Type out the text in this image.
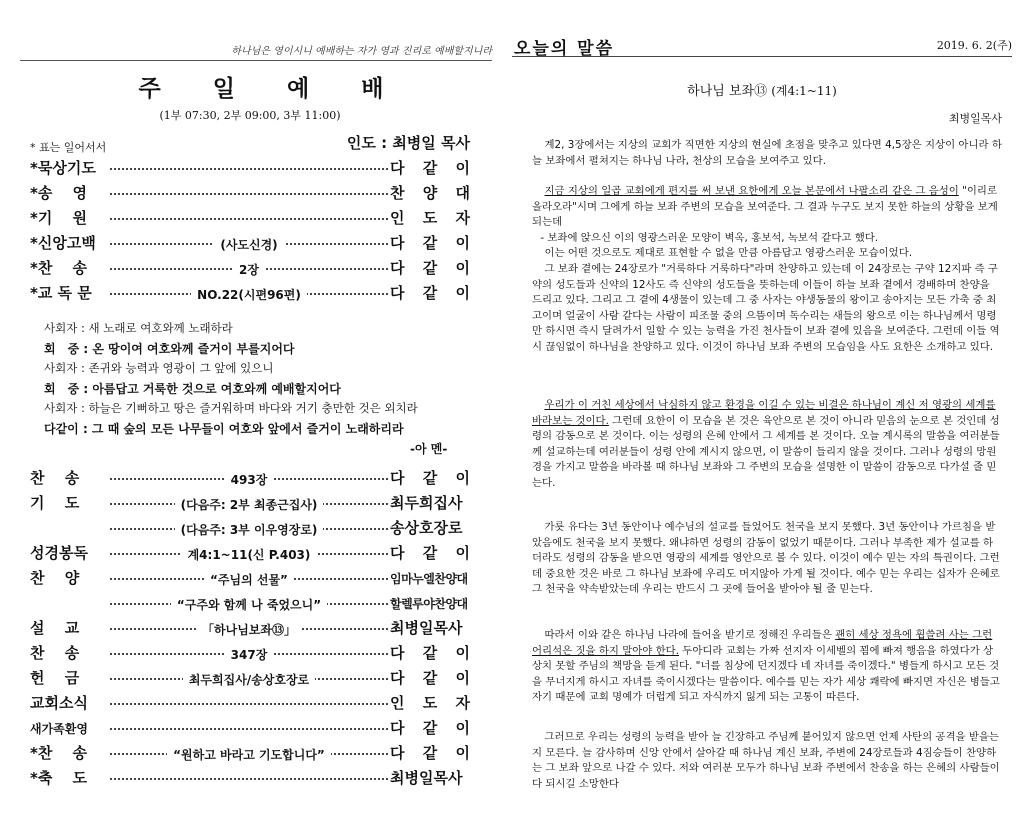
하나님은 영이시니 예배하는 자가 영과 진리로 예배할지니라
주 일 예 배
(1부 07:30, 2부 09:00, 3부 11:00)
* 표는 일어서서	인도 : 최병일 목사
*묵상기도	다 같 이
*송　 영	찬 양 대
*기　 원	인 도 자
*신앙고백	(사도신경)	다 같 이
*찬　 송	2장	다 같 이
*교 독 문	NO.22(시편96편)	다 같 이
사회자 : 새 노래로 여호와께 노래하라
회　중 : 온 땅이여 여호와께 즐거이 부를지어다
사회자 : 존귀와 능력과 영광이 그 앞에 있으니
회　중 : 아름답고 거룩한 것으로 여호와께 예배할지어다
사회자 : 하늘은 기뻐하고 땅은 즐거워하며 바다와 거기 충만한 것은 외치라
다같이 : 그 때 숲의 모든 나무들이 여호와 앞에서 즐거이 노래하리라
-아 멘-
찬　 송	493장	다 같 이
기　 도	(다음주: 2부 최종근집사)	최두희집사
(다음주: 3부 이우영장로)	송상호장로
성경봉독	계4:1~11(신 P.403)	다 같 이
찬　 양	“주님의 선물”	임마누엘찬양대
“구주와 함께 나 죽었으니”	할렐루야찬양대
설　 교	「하나님보좌⑬」	최병일목사
찬　 송	347장	다 같 이
헌　 금	최두희집사/송상호장로	다 같 이
교회소식	인 도 자
새가족환영	다 같 이
*찬　 송	“원하고 바라고 기도합니다”	다 같 이
*축　 도	최병일목사
오늘의 말씀	2019. 6. 2(주)
하나님 보좌⑬ (계4:1~11)
최병일목사

계2, 3장에서는 지상의 교회가 직면한 지상의 현실에 초점을 맞추고 있다면 4,5장은 지상이 아니라 하늘 보좌에서 펼쳐지는 하나님 나라, 천상의 모습을 보여주고 있다.

지금 지상의 일곱 교회에게 편지를 써 보낸 요한에게 오늘 본문에서 나팔소리 같은 그 음성이 "이리로 올라오라"시며 그에게 하늘 보좌 주변의 모습을 보여준다. 그 결과 누구도 보지 못한 하늘의 상황을 보게 되는데

- 보좌에 앉으신 이의 영광스러운 모양이 벽옥, 홍보석, 녹보석 같다고 했다.

이는 어떤 것으로도 제대로 표현할 수 없을 만큼 아름답고 영광스러운 모습이었다.

그 보좌 곁에는 24장로가 "거룩하다 거룩하다"라며 찬양하고 있는데 이 24장로는 구약 12지파 즉 구약의 성도들과 신약의 12사도 즉 신약의 성도들을 뜻하는데 이들이 하늘 보좌 곁에서 경배하며 찬양을 드리고 있다. 그리고 그 곁에 4생물이 있는데 그 중 사자는 야생동물의 왕이고 송아지는 모든 가축 중 최고이며 얼굴이 사람 같다는 사람이 피조물 중의 으뜸이며 독수리는 새들의 왕으로 이는 하나님께서 명령만 하시면 즉시 달려가서 일할 수 있는 능력을 가진 천사들이 보좌 곁에 있음을 보여준다. 그런데 이들 역시 끊임없이 하나님을 찬양하고 있다. 이것이 하나님 보좌 주변의 모습임을 사도 요한은 소개하고 있다.

우리가 이 거친 세상에서 낙심하지 않고 환경을 이길 수 있는 비결은 하나님이 계신 저 영광의 세계를 바라보는 것이다. 그런데 요한이 이 모습을 본 것은 육안으로 본 것이 아니라 믿음의 눈으로 본 것인데 성령의 감동으로 본 것이다. 이는 성령의 은혜 안에서 그 세계를 본 것이다. 오늘 계시록의 말씀을 여러분들께 설교하는데 여러분들이 성령 안에 계시지 않으면, 이 말씀이 들리지 않을 것이다. 그러나 성령의 망원경을 가지고 말씀을 바라볼 때 하나님 보좌와 그 주변의 모습을 설명한 이 말씀이 감동으로 다가설 줄 믿는다.

가룟 유다는 3년 동안이나 예수님의 설교를 들었어도 천국을 보지 못했다. 3년 동안이나 가르침을 받았음에도 천국을 보지 못했다. 왜냐하면 성령의 감동이 없었기 때문이다. 그러나 부족한 제가 설교를 하더라도 성령의 감동을 받으면 영광의 세계를 영안으로 볼 수 있다. 이것이 예수 믿는 자의 특권이다. 그런데 중요한 것은 바로 그 하나님 보좌에 우리도 머지않아 가게 될 것이다. 예수 믿는 우리는 십자가 은혜로 그 천국을 약속받았는데 우리는 반드시 그 곳에 들어올 받아야 될 줄 믿는다.

따라서 이와 같은 하나님 나라에 들어올 받기로 정해진 우리들은 괜히 세상 정욕에 휩쓸려 사는 그런 어리석은 짓을 하지 말아야 한다. 두아디라 교회는 가짜 선지자 이세벨의 꾐에 빠져 행음을 하였다가 상상치 못할 주님의 책망을 듣게 된다. "너를 침상에 던지겠다 네 자녀를 죽이겠다." 병들게 하시고 모든 것을 무너지게 하시고 자녀를 죽이시겠다는 말씀이다. 예수를 믿는 자가 세상 쾌락에 빠지면 자신은 병들고 자기 때문에 교회 명예가 더럽게 되고 자식까지 잃게 되는 고통이 따른다.

그러므로 우리는 성령의 능력을 받아 늘 긴장하고 주님께 붙어있지 않으면 언제 사탄의 공격을 받을는지 모른다. 늘 감사하며 신앙 안에서 살아갈 때 하나님 계신 보좌, 주변에 24장로들과 4짐승들이 찬양하는 그 보좌 앞으로 나갈 수 있다. 저와 여러분 모두가 하나님 보좌 주변에서 찬송을 하는 은혜의 사람들이 다 되시길 소망한다
